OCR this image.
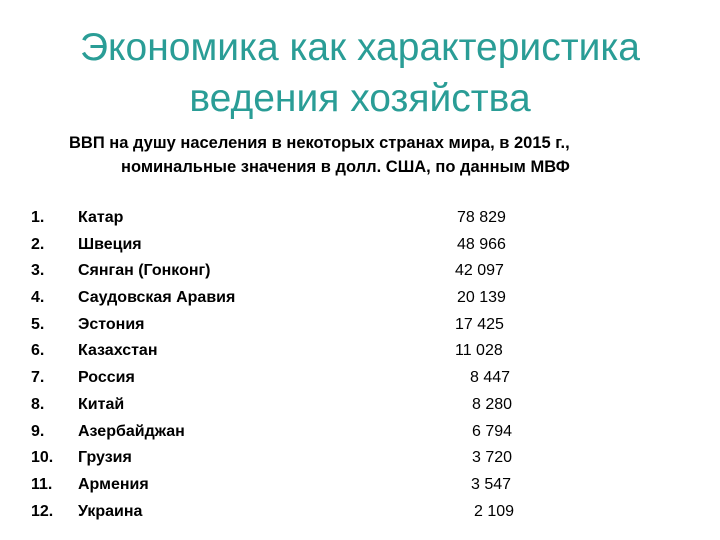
Экономика как характеристика
ведения хозяйства
ВВП на душу населения в некоторых странах мира, в 2015 г.,
номинальные значения в долл. США, по данным МВФ
1. Катар	78 829
2. Швеция	48 966
3. Сянган (Гонконг)	42 097
4. Саудовская Аравия	20 139
5. Эстония	17 425
6. Казахстан	11 028
7. Россия	8 447
8. Китай	8 280
9. Азербайджан	6 794
10. Грузия	3 720
11. Армения	3 547
12. Украина	2 109
